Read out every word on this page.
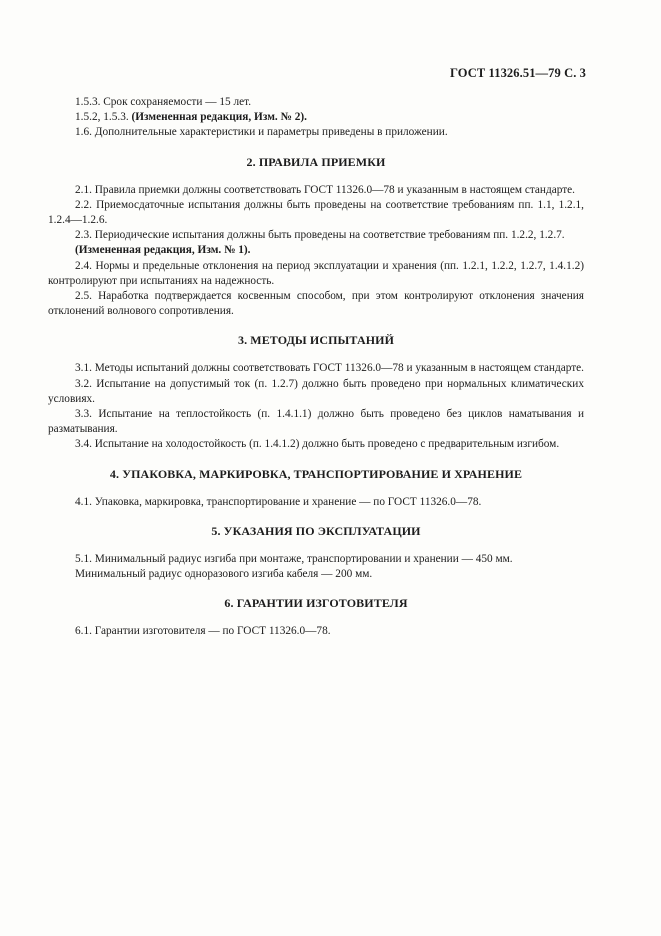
ГОСТ 11326.51—79 С. 3

1.5.3. Срок сохраняемости — 15 лет.

1.5.2, 1.5.3. (Измененная редакция, Изм. № 2).

1.6. Дополнительные характеристики и параметры приведены в приложении.

2. ПРАВИЛА ПРИЕМКИ

2.1. Правила приемки должны соответствовать ГОСТ 11326.0—78 и указанным в настоящем стандарте.

2.2. Приемосдаточные испытания должны быть проведены на соответствие требованиям пп. 1.1, 1.2.1, 1.2.4—1.2.6.

2.3. Периодические испытания должны быть проведены на соответствие требованиям пп. 1.2.2, 1.2.7.

(Измененная редакция, Изм. № 1).

2.4. Нормы и предельные отклонения на период эксплуатации и хранения (пп. 1.2.1, 1.2.2, 1.2.7, 1.4.1.2) контролируют при испытаниях на надежность.

2.5. Наработка подтверждается косвенным способом, при этом контролируют отклонения значения отклонений волнового сопротивления.

3. МЕТОДЫ ИСПЫТАНИЙ

3.1. Методы испытаний должны соответствовать ГОСТ 11326.0—78 и указанным в настоящем стандарте.

3.2. Испытание на допустимый ток (п. 1.2.7) должно быть проведено при нормальных климатических условиях.

3.3. Испытание на теплостойкость (п. 1.4.1.1) должно быть проведено без циклов наматывания и разматывания.

3.4. Испытание на холодостойкость (п. 1.4.1.2) должно быть проведено с предварительным изгибом.

4. УПАКОВКА, МАРКИРОВКА, ТРАНСПОРТИРОВАНИЕ И ХРАНЕНИЕ

4.1. Упаковка, маркировка, транспортирование и хранение — по ГОСТ 11326.0—78.

5. УКАЗАНИЯ ПО ЭКСПЛУАТАЦИИ

5.1. Минимальный радиус изгиба при монтаже, транспортировании и хранении — 450 мм.

Минимальный радиус одноразового изгиба кабеля — 200 мм.

6. ГАРАНТИИ ИЗГОТОВИТЕЛЯ

6.1. Гарантии изготовителя — по ГОСТ 11326.0—78.
